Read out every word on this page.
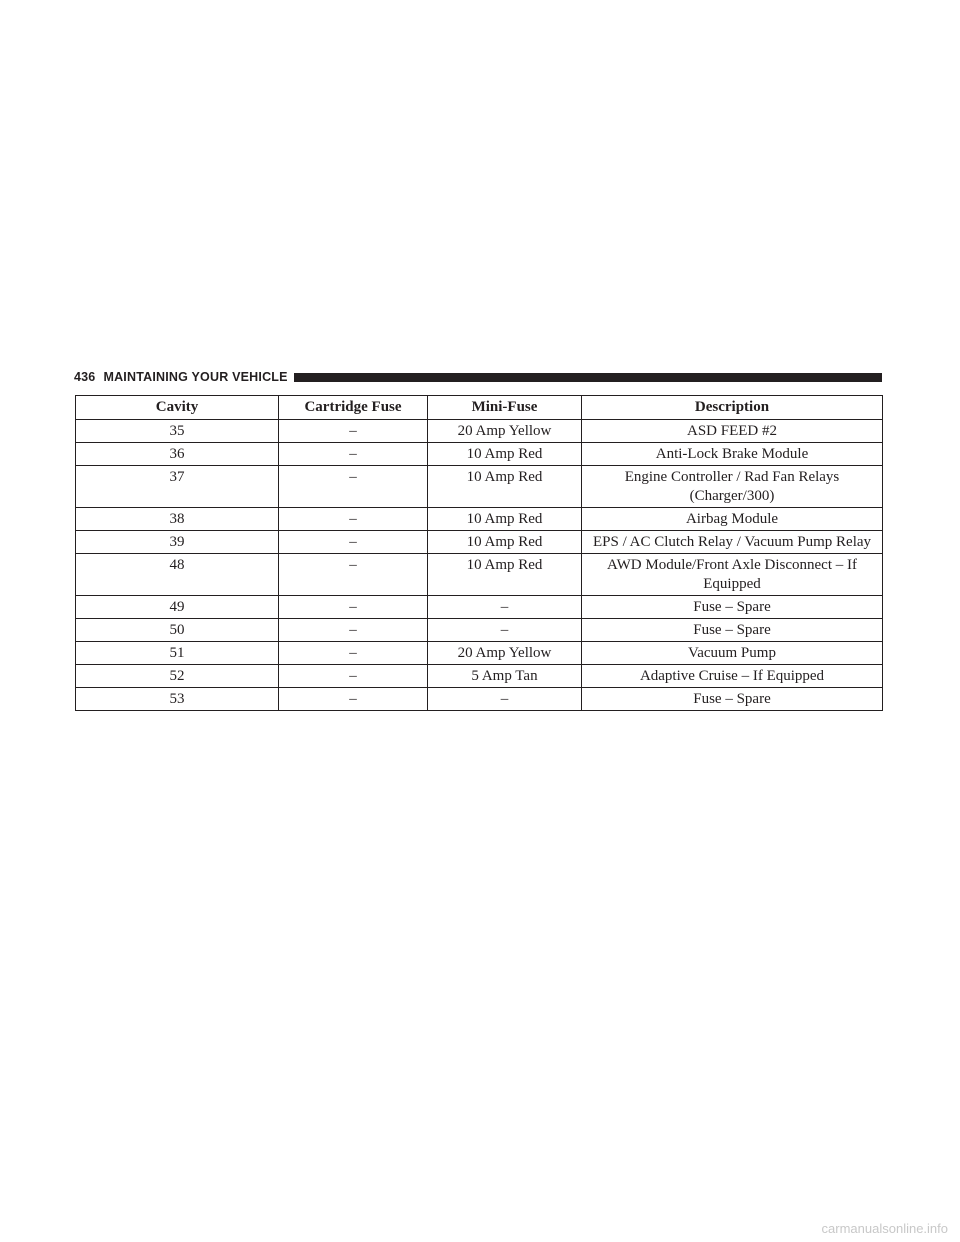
436 MAINTAINING YOUR VEHICLE
Cavity	Cartridge Fuse	Mini-Fuse	Description
35	–	20 Amp Yellow	ASD FEED #2
36	–	10 Amp Red	Anti-Lock Brake Module
37	–	10 Amp Red	Engine Controller / Rad Fan Relays (Charger/300)
38	–	10 Amp Red	Airbag Module
39	–	10 Amp Red	EPS / AC Clutch Relay / Vacuum Pump Relay
48	–	10 Amp Red	AWD Module/Front Axle Disconnect – If Equipped
49	–	–	Fuse – Spare
50	–	–	Fuse – Spare
51	–	20 Amp Yellow	Vacuum Pump
52	–	5 Amp Tan	Adaptive Cruise – If Equipped
53	–	–	Fuse – Spare
carmanualsonline.info
